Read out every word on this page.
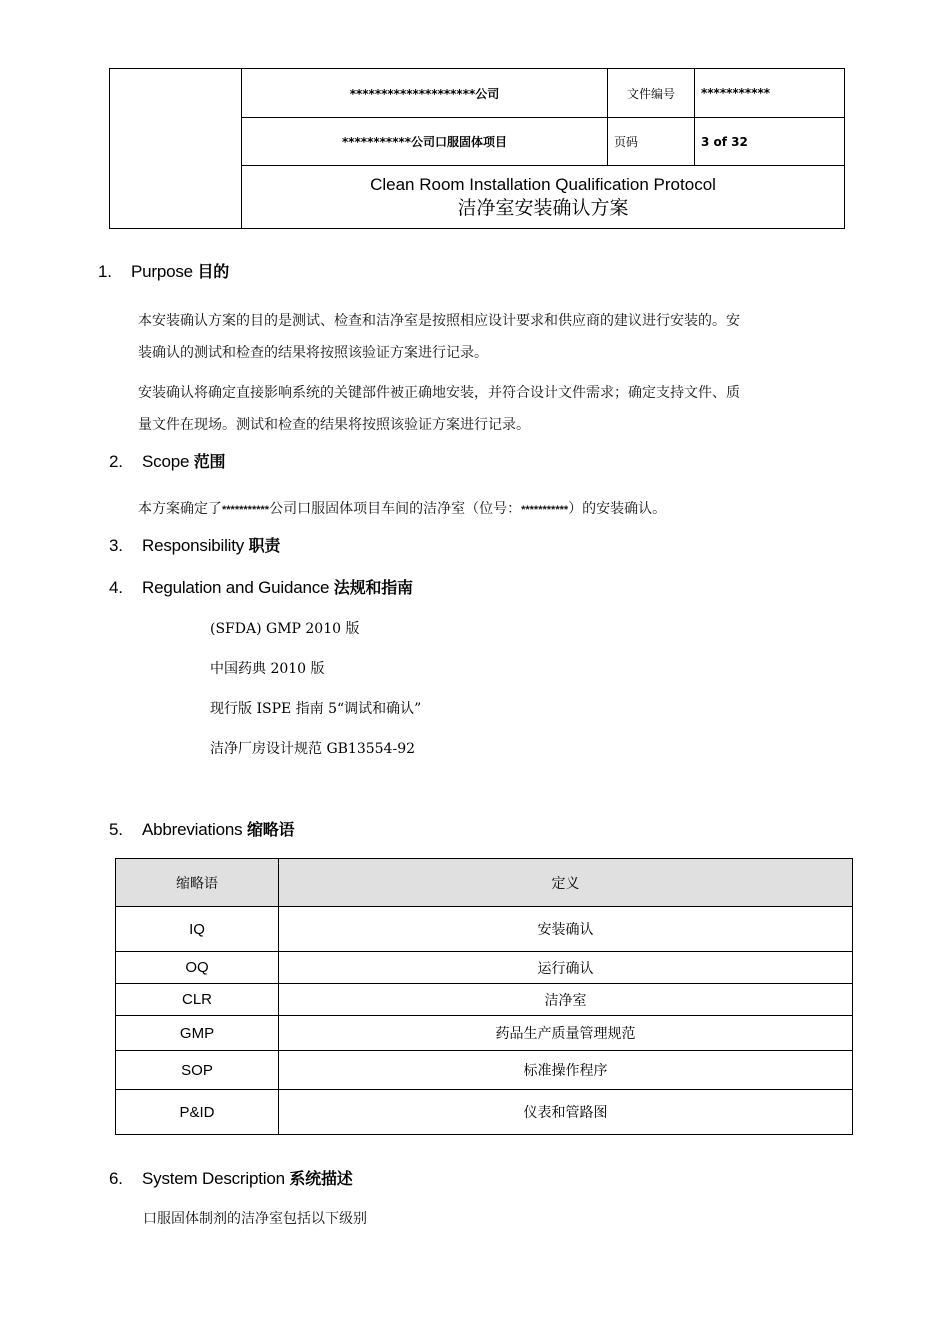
	********************公司	文件编号	***********
	***********公司口服固体项目	页码	3 of 32

	Clean Room Installation Qualification Protocol
洁净室安装确认方案		
1. Purpose 目的
本安装确认方案的目的是测试、检查和洁净室是按照相应设计要求和供应商的建议进行安装的。安
装确认的测试和检查的结果将按照该验证方案进行记录。
安装确认将确定直接影响系统的关键部件被正确地安装，并符合设计文件需求；确定支持文件、质
量文件在现场。测试和检查的结果将按照该验证方案进行记录。
2. Scope 范围
本方案确定了***********公司口服固体项目车间的洁净室（位号：***********）的安装确认。
3. Responsibility 职责
4. Regulation and Guidance 法规和指南
(SFDA) GMP 2010 版
中国药典 2010 版
现行版 ISPE 指南 5“调试和确认”
洁净厂房设计规范 GB13554-92
5. Abbreviations 缩略语
缩略语	定义
IQ	安装确认
OQ	运行确认
CLR	洁净室
GMP	药品生产质量管理规范
SOP	标准操作程序
P&ID	仪表和管路图
6. System Description 系统描述
口服固体制剂的洁净室包括以下级别
